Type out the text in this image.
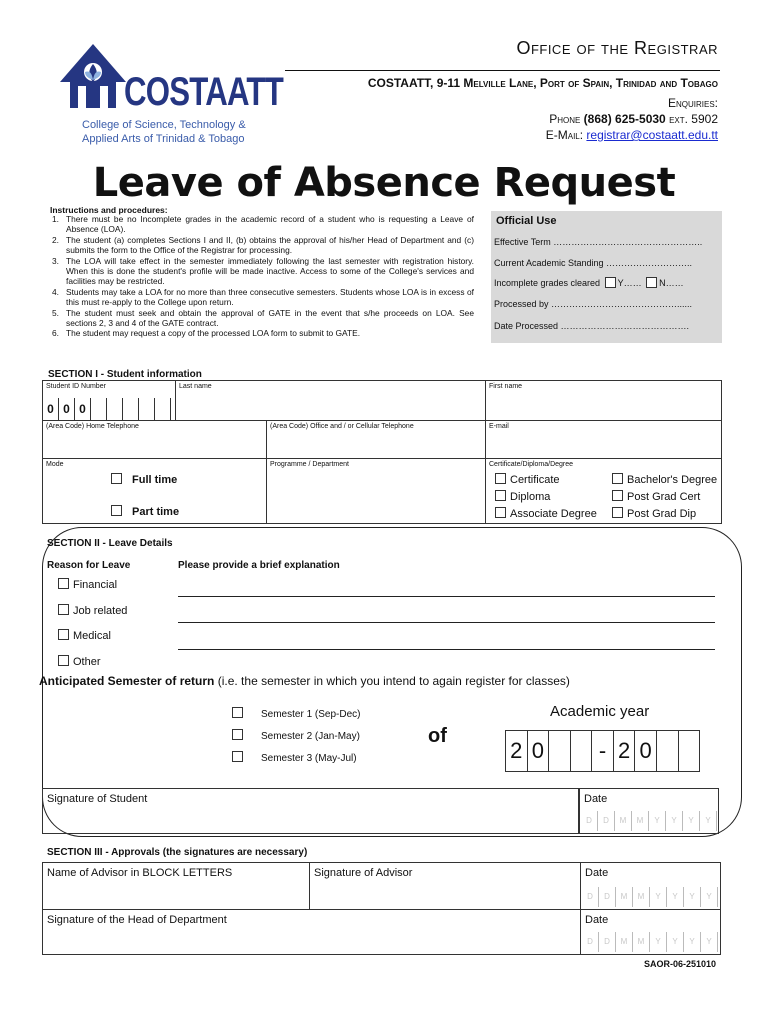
COSTAATT
College of Science, Technology &
Applied Arts of Trinidad & Tobago
Office of the Registrar
COSTAATT, 9-11 Melville Lane, Port of Spain, Trinidad and Tobago
Enquiries:
Phone (868) 625-5030 ext. 5902
E-Mail: registrar@costaatt.edu.tt
Leave of Absence Request
Instructions and procedures:
1. There must be no Incomplete grades in the academic record of a student who is requesting a Leave of Absence (LOA).
2. The student (a) completes Sections I and II, (b) obtains the approval of his/her Head of Department and (c) submits the form to the Office of the Registrar for processing.
3. The LOA will take effect in the semester immediately following the last semester with registration history. When this is done the student's profile will be made inactive. Access to some of the College's services and facilities may be restricted.
4. Students may take a LOA for no more than three consecutive semesters. Students whose LOA is in excess of this must re-apply to the College upon return.
5. The student must seek and obtain the approval of GATE in the event that s/he proceeds on LOA. See sections 2, 3 and 4 of the GATE contract.
6. The student may request a copy of the processed LOA form to submit to GATE.
Official Use
Effective Term …………………………………………..
Current Academic Standing ………………………..
Incomplete grades cleared Y…… N……
Processed by ……………………………………......
Date Processed …………………………………….
SECTION I - Student information
Student ID Number
0 0 0
Last name	First name
(Area Code) Home Telephone	(Area Code) Office and / or Cellular Telephone	E-mail
Mode
Full time
Part time
Programme / Department	Certificate/Diploma/Degree
Certificate
Diploma
Associate Degree
Bachelor's Degree
Post Grad Cert
Post Grad Dip
SECTION II - Leave Details
Reason for Leave	Please provide a brief explanation
Financial
Job related
Medical
Other
Anticipated Semester of return (i.e. the semester in which you intend to again register for classes)
Semester 1 (Sep-Dec)
Semester 2 (Jan-May)
Semester 3 (May-Jul)
of
Academic year
2 0	- 2 0
Signature of Student	Date
D	D	M	M	Y	Y	Y	Y
SECTION III - Approvals (the signatures are necessary)
Name of Advisor in BLOCK LETTERS	Signature of Advisor	Date
D	D	M	M	Y	Y	Y	Y
Signature of the Head of Department	Date
D	D	M	M	Y	Y	Y	Y
SAOR-06-251010
